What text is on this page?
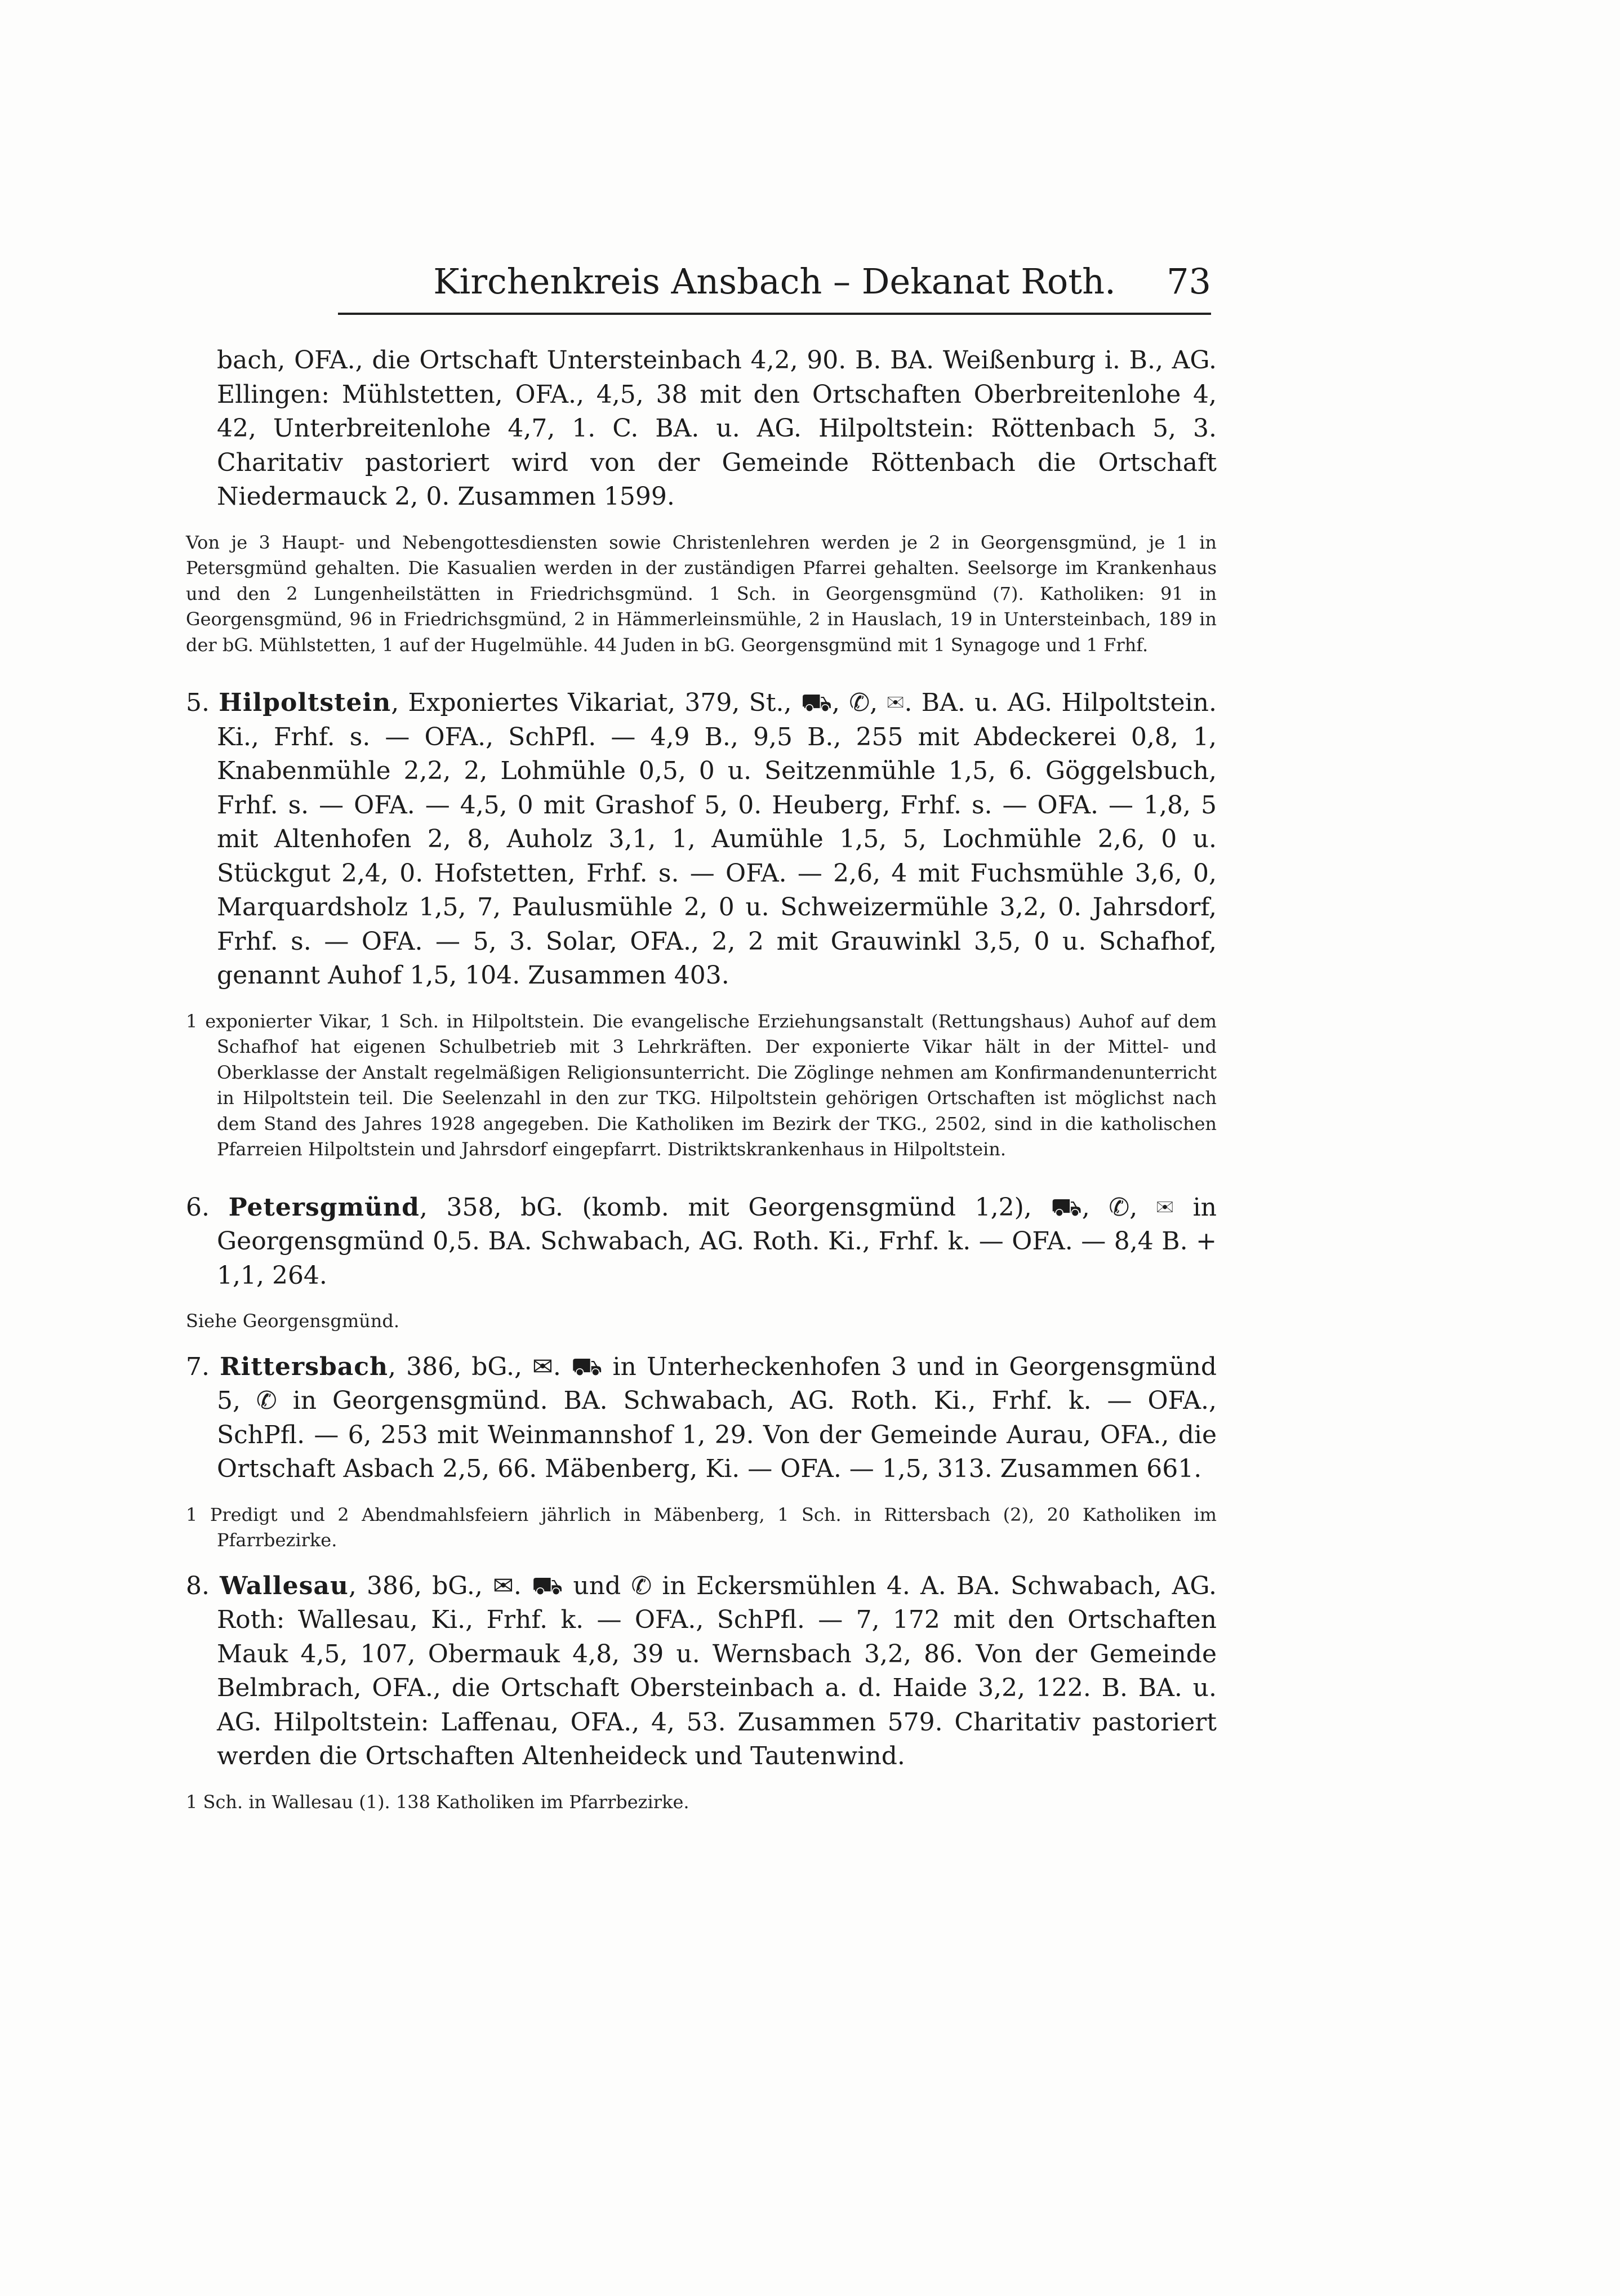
Kirchenkreis Ansbach – Dekanat Roth.	73

bach, OFA., die Ortschaft Untersteinbach 4,2, 90. B. BA. Weißenburg i. B., AG. Ellingen: Mühlstetten, OFA., 4,5, 38 mit den Ortschaften Oberbreitenlohe 4, 42, Unterbreitenlohe 4,7, 1. C. BA. u. AG. Hilpoltstein: Röttenbach 5, 3. Charitativ pastoriert wird von der Gemeinde Röttenbach die Ortschaft Niedermauck 2, 0. Zusammen 1599.

Von je 3 Haupt- und Nebengottesdiensten sowie Christenlehren werden je 2 in Georgensgmünd, je 1 in Petersgmünd gehalten. Die Kasualien werden in der zuständigen Pfarrei gehalten. Seelsorge im Krankenhaus und den 2 Lungenheilstätten in Friedrichsgmünd. 1 Sch. in Georgensgmünd (7). Katholiken: 91 in Georgensgmünd, 96 in Friedrichsgmünd, 2 in Hämmerleinsmühle, 2 in Hauslach, 19 in Untersteinbach, 189 in der bG. Mühlstetten, 1 auf der Hugelmühle. 44 Juden in bG. Georgensgmünd mit 1 Synagoge und 1 Frhf.

5. Hilpoltstein, Exponiertes Vikariat, 379, St., ⛟, ✆, ✉. BA. u. AG. Hilpoltstein. Ki., Frhf. s. — OFA., SchPfl. — 4,9 B., 9,5 B., 255 mit Abdeckerei 0,8, 1, Knabenmühle 2,2, 2, Lohmühle 0,5, 0 u. Seitzenmühle 1,5, 6. Göggelsbuch, Frhf. s. — OFA. — 4,5, 0 mit Grashof 5, 0. Heuberg, Frhf. s. — OFA. — 1,8, 5 mit Altenhofen 2, 8, Auholz 3,1, 1, Aumühle 1,5, 5, Lochmühle 2,6, 0 u. Stückgut 2,4, 0. Hofstetten, Frhf. s. — OFA. — 2,6, 4 mit Fuchsmühle 3,6, 0, Marquardsholz 1,5, 7, Paulusmühle 2, 0 u. Schweizermühle 3,2, 0. Jahrsdorf, Frhf. s. — OFA. — 5, 3. Solar, OFA., 2, 2 mit Grauwinkl 3,5, 0 u. Schafhof, genannt Auhof 1,5, 104. Zusammen 403.

1 exponierter Vikar, 1 Sch. in Hilpoltstein. Die evangelische Erziehungsanstalt (Rettungshaus) Auhof auf dem Schafhof hat eigenen Schulbetrieb mit 3 Lehrkräften. Der exponierte Vikar hält in der Mittel- und Oberklasse der Anstalt regelmäßigen Religionsunterricht. Die Zöglinge nehmen am Konfirmandenunterricht in Hilpoltstein teil. Die Seelenzahl in den zur TKG. Hilpoltstein gehörigen Ortschaften ist möglichst nach dem Stand des Jahres 1928 angegeben. Die Katholiken im Bezirk der TKG., 2502, sind in die katholischen Pfarreien Hilpoltstein und Jahrsdorf eingepfarrt. Distriktskrankenhaus in Hilpoltstein.

6. Petersgmünd, 358, bG. (komb. mit Georgensgmünd 1,2), ⛟, ✆, ✉ in Georgensgmünd 0,5. BA. Schwabach, AG. Roth. Ki., Frhf. k. — OFA. — 8,4 B. + 1,1, 264.

Siehe Georgensgmünd.

7. Rittersbach, 386, bG., ✉. ⛟ in Unterheckenhofen 3 und in Georgensgmünd 5, ✆ in Georgensgmünd. BA. Schwabach, AG. Roth. Ki., Frhf. k. — OFA., SchPfl. — 6, 253 mit Weinmannshof 1, 29. Von der Gemeinde Aurau, OFA., die Ortschaft Asbach 2,5, 66. Mäbenberg, Ki. — OFA. — 1,5, 313. Zusammen 661.

1 Predigt und 2 Abendmahlsfeiern jährlich in Mäbenberg, 1 Sch. in Rittersbach (2), 20 Katholiken im Pfarrbezirke.

8. Wallesau, 386, bG., ✉. ⛟ und ✆ in Eckersmühlen 4. A. BA. Schwabach, AG. Roth: Wallesau, Ki., Frhf. k. — OFA., SchPfl. — 7, 172 mit den Ortschaften Mauk 4,5, 107, Obermauk 4,8, 39 u. Wernsbach 3,2, 86. Von der Gemeinde Belmbrach, OFA., die Ortschaft Obersteinbach a. d. Haide 3,2, 122. B. BA. u. AG. Hilpoltstein: Laffenau, OFA., 4, 53. Zusammen 579. Charitativ pastoriert werden die Ortschaften Altenheideck und Tautenwind.

1 Sch. in Wallesau (1). 138 Katholiken im Pfarrbezirke.
